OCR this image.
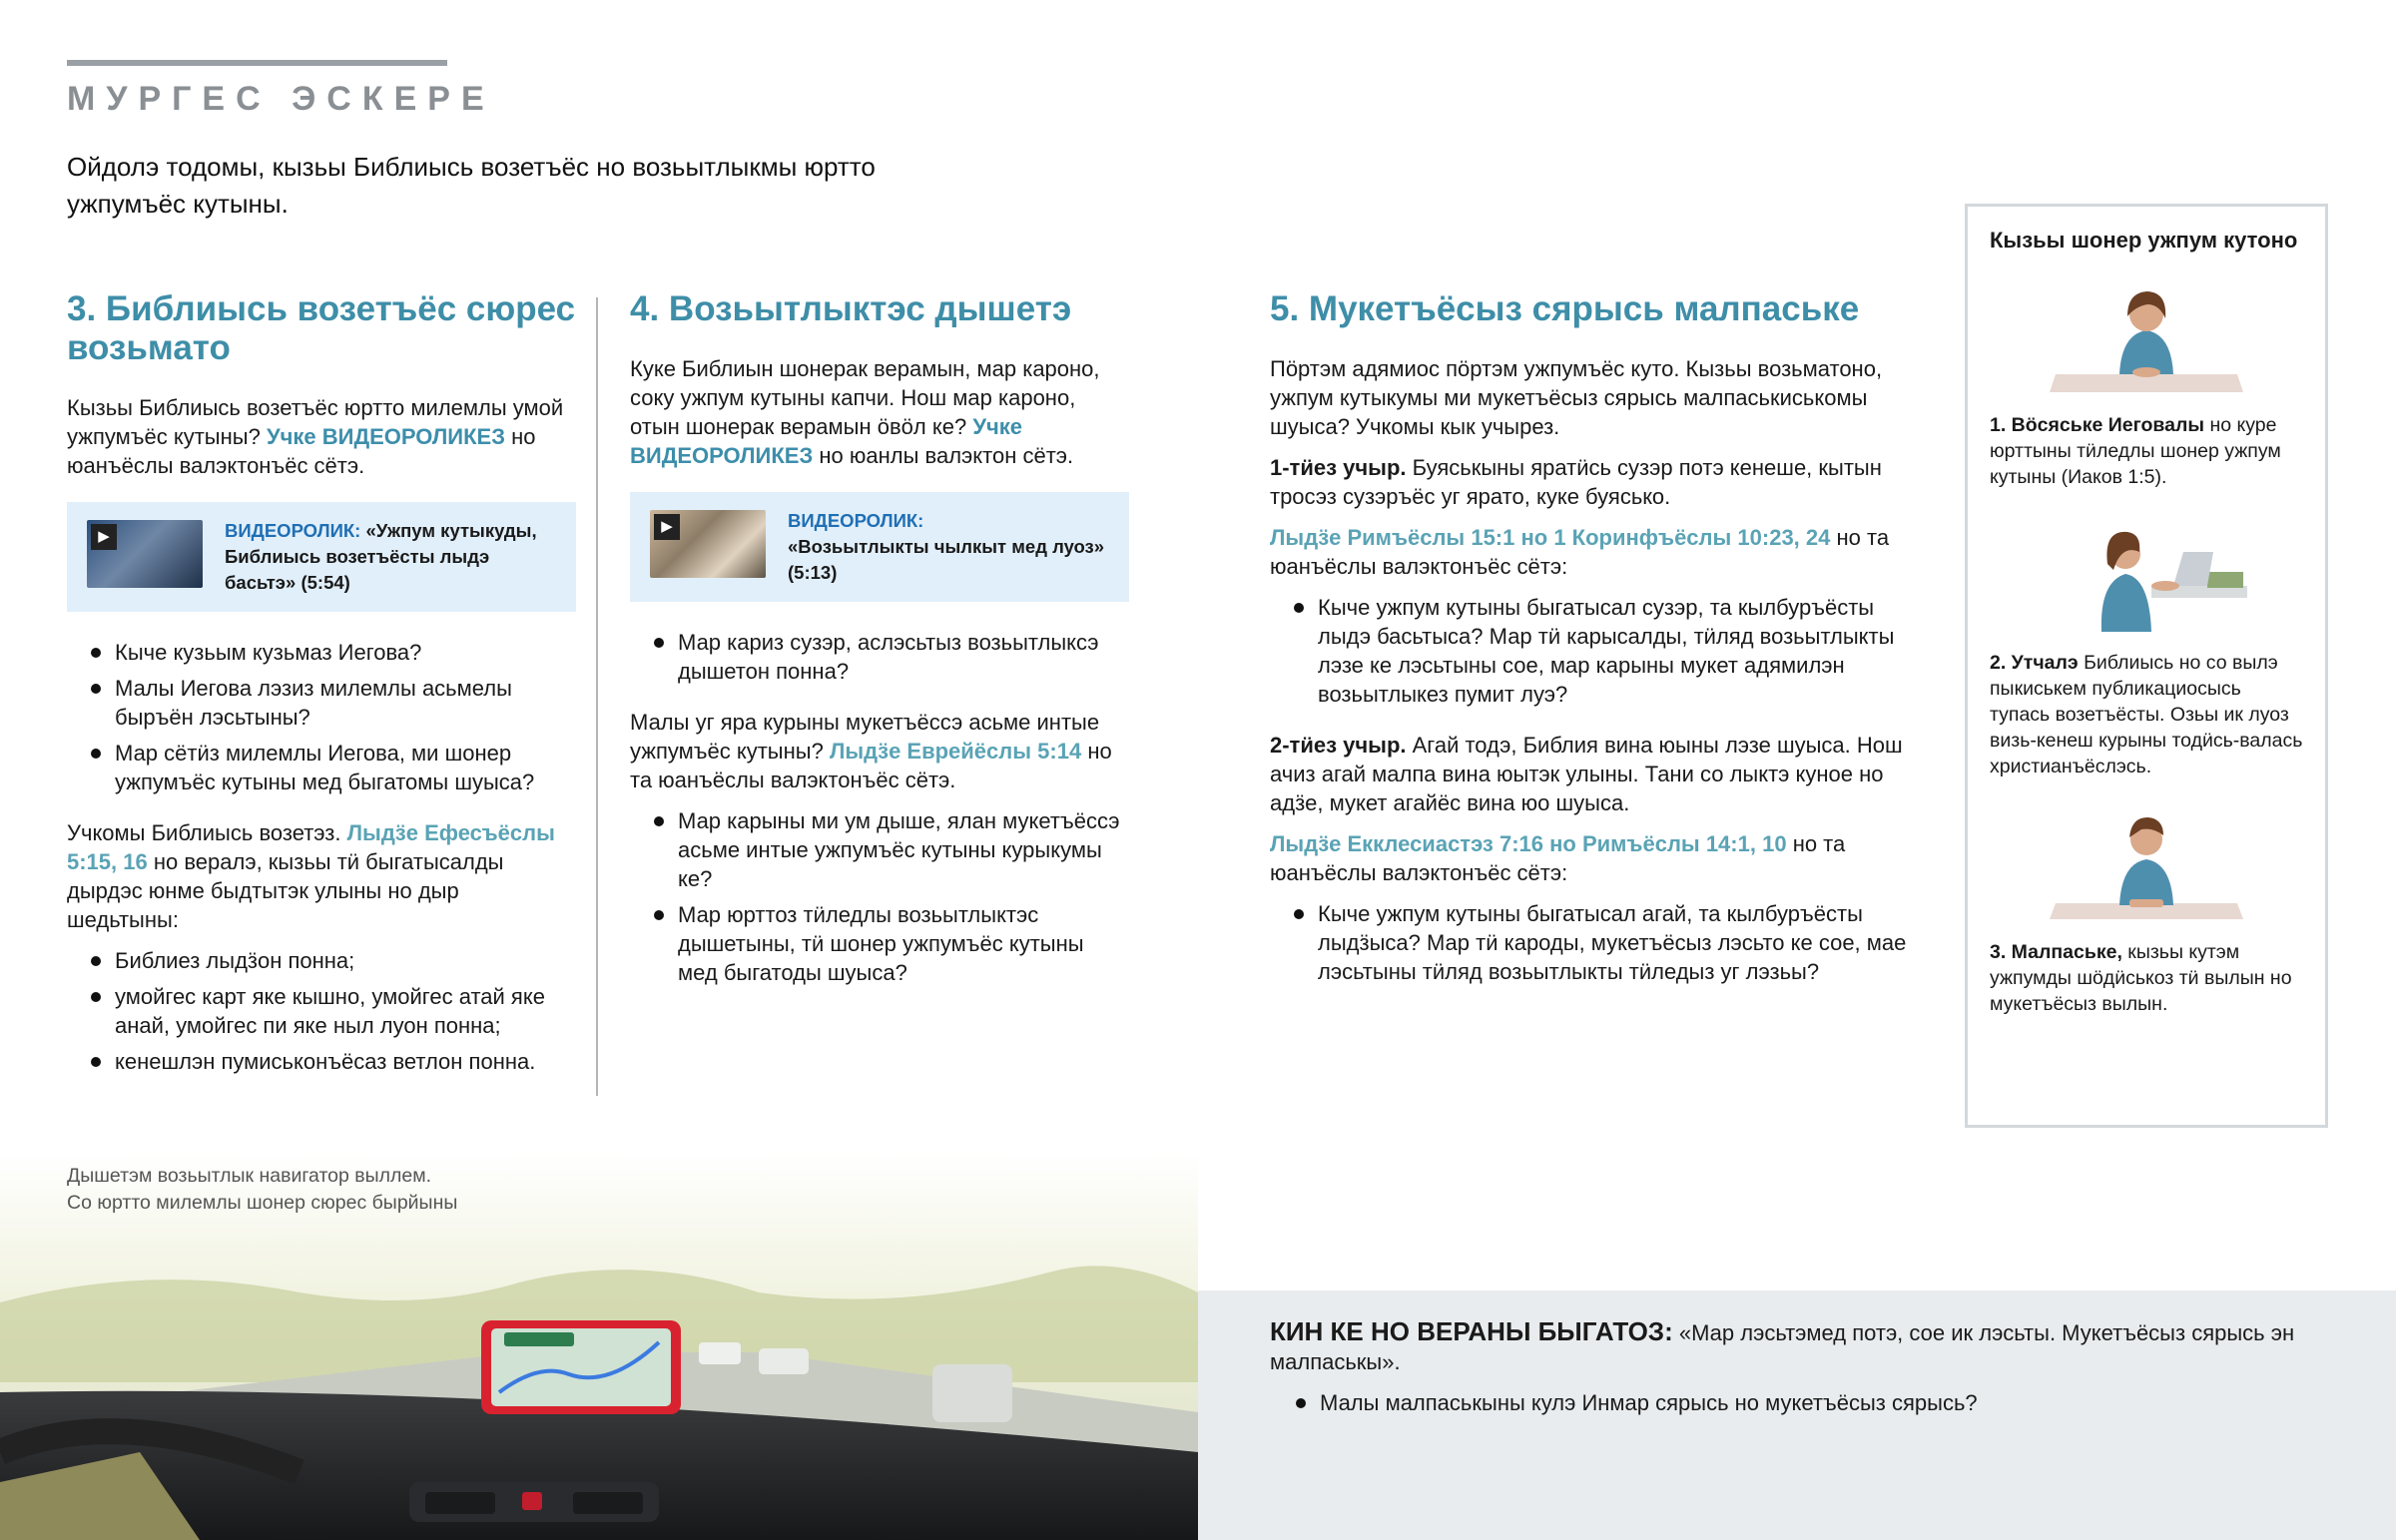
МУРГЕС ЭСКЕРЕ

Ойдолэ тодомы, кызьы Библиысь возетъёс но возьытлыкмы юртто ужпумъёс кутыны.

3. Библиысь возетъёс сюрес возьмато

Кызьы Библиысь возетъёс юртто милемлы умой ужпумъёс кутыны? Учке ВИДЕОРОЛИКЕЗ но юанъёслы валэктонъёс сётэ.

▶	ВИДЕОРОЛИК: «Ужпум кутыкуды, Библиысь возетъёсты лыдэ басьтэ» (5:54)
Кыче кузьым кузьмаз Иегова?
Малы Иегова лэзиз милемлы асьмелы быръён лэсьтыны?
Мар сётӥз милемлы Иегова, ми шонер ужпумъёс кутыны мед быгатомы шуыса?

Учкомы Библиысь возетэз. Лыдӟе Ефесъёслы 5:15, 16 но вералэ, кызьы тӥ быгатысалды дырдэс юнме быдтытэк улыны но дыр шедьтыны:

Библиез лыдӟон понна;
умойгес карт яке кышно, умойгес атай яке анай, умойгес пи яке ныл луон понна;
кенешлэн пумиськонъёсаз ветлон понна.
4. Возьытлыктэс дышетэ

Куке Библиын шонерак верамын, мар кароно, соку ужпум кутыны капчи. Нош мар кароно, отын шонерак верамын ӧвӧл ке? Учке ВИДЕОРОЛИКЕЗ но юанлы валэктон сётэ.

▶	ВИДЕОРОЛИК:
«Возьытлыкты чылкыт мед луоз» (5:13)
Мар кариз сузэр, аслэсьтыз возьытлыксэ дышетон понна?

Малы уг яра курыны мукетъёссэ асьме интые ужпумъёс кутыны? Лыдӟе Еврейёслы 5:14 но та юанъёслы валэктонъёс сётэ.

Мар карыны ми ум дыше, ялан мукетъёссэ асьме интые ужпумъёс кутыны курыкумы ке?
Мар юрттоз тӥледлы возьытлыктэс дышетыны, тӥ шонер ужпумъёс кутыны мед быгатоды шуыса?
5. Мукетъёсыз сярысь малпаське

Пӧртэм адямиос пӧртэм ужпумъёс куто. Кызьы возьматоно, ужпум кутыкумы ми мукетъёсыз сярысь малпаськиськомы шуыса? Учкомы кык учырез.

1-тӥез учыр. Буяськыны яратӥсь сузэр потэ кенеше, кытын тросэз сузэръёс уг ярато, куке буяськo.

Лыдӟе Римъёслы 15:1 но 1 Коринфъёслы 10:23, 24 но та юанъёслы валэктонъёс сётэ:

Кыче ужпум кутыны быгатысал сузэр, та кылбуръёсты лыдэ басьтыса? Мар тӥ карысалды, тӥляд возьытлыкты лэзе ке лэсьтыны сое, мар карыны мукет адямилэн возьытлыкез пумит луэ?

2-тӥез учыр. Агай тодэ, Библия вина юыны лэзе шуыса. Нош ачиз агай малпа вина юытэк улыны. Тани со лыктэ куное но адӟе, мукет агайёс вина юо шуыса.

Лыдӟе Екклесиастэз 7:16 но Римъёслы 14:1, 10 но та юанъёслы валэктонъёс сётэ:

Кыче ужпум кутыны быгатысал агай, та кылбуръёсты лыдӟыса? Мар тӥ кароды, мукетъёсыз лэсьто ке сое, мае лэсьтыны тӥляд возьытлыкты тӥледыз уг лэзьы?
Кызьы шонер ужпум кутоно

1. Вӧсяське Иеговалы но куре юрттыны тӥледлы шонер ужпум кутыны (Иаков 1:5).

2. Утчалэ Библиысь но со вылэ пыкиськем публикациосысь тупась возетъёсты. Озьы ик луоз визь-кенеш курыны тодӥсь-валась христианъёслэсь.

3. Малпаське, кызьы кутэм ужпумды шӧдӥськоз тӥ вылын но мукетъёсыз вылын.

Дышетэм возьытлык навигатор выллем.
Со юртто милемлы шонер сюрес бырйыны

КИН КЕ НО ВЕРАНЫ БЫГАТОЗ: «Мар лэсьтэмед потэ, сое ик лэсьты. Мукетъёсыз сярысь эн малпаськы».

Малы малпаськыны кулэ Инмар сярысь но мукетъёсыз сярысь?
